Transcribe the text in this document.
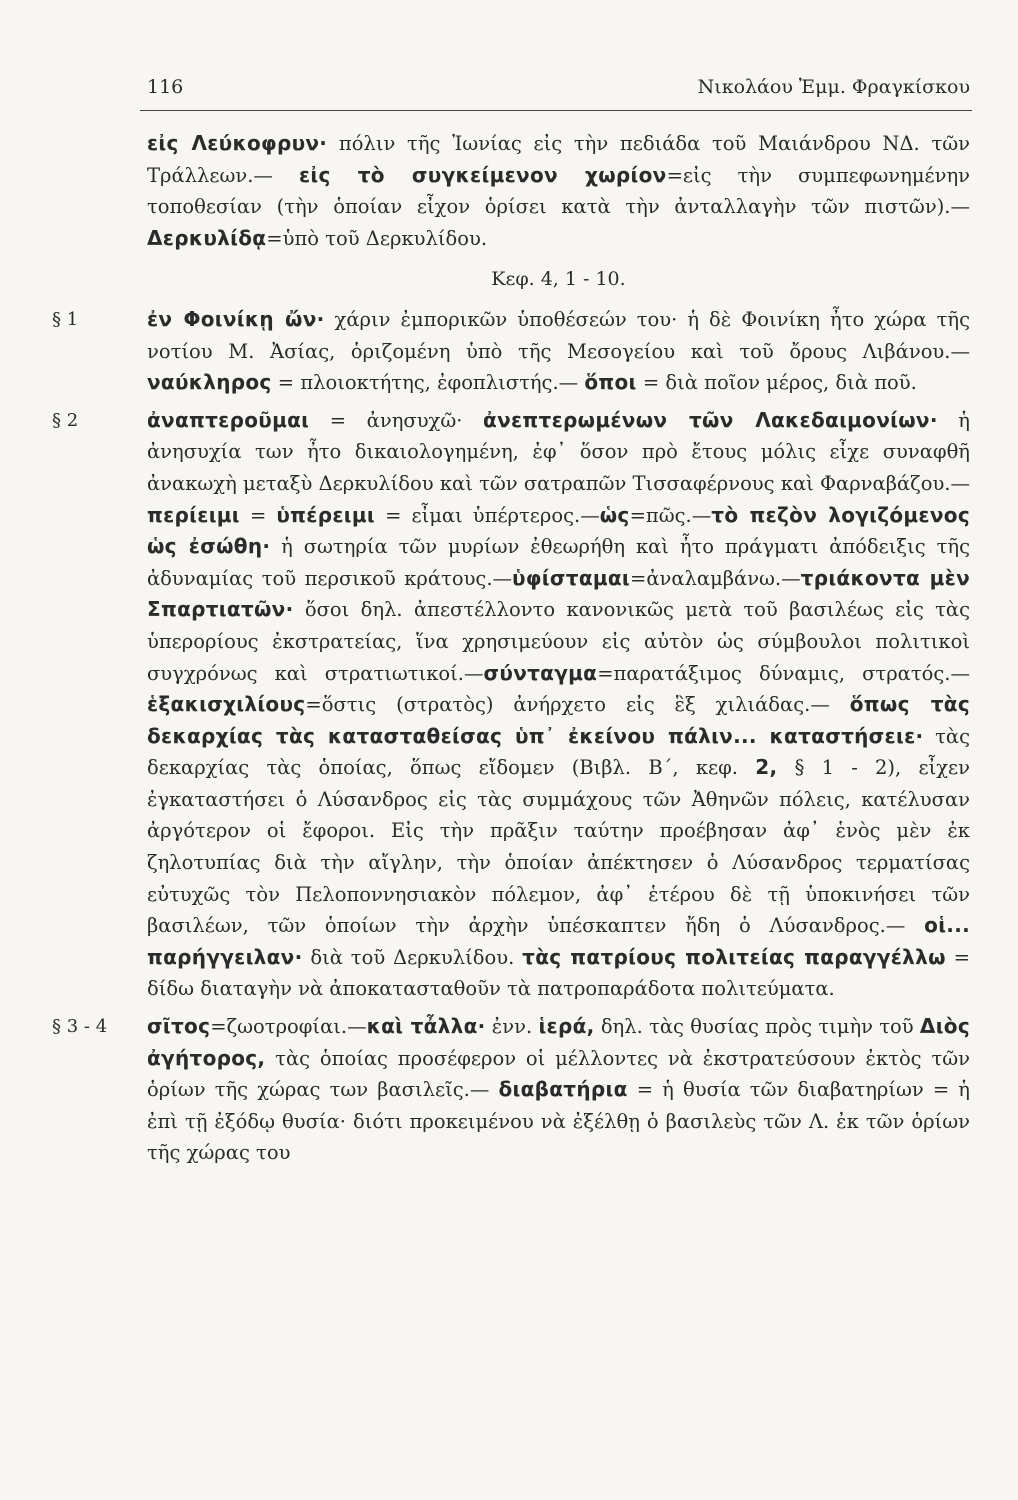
116	Νικολάου Ἐμμ. Φραγκίσκου

εἰς Λεύκοφρυν· πόλιν τῆς Ἰωνίας εἰς τὴν πεδιάδα τοῦ Μαιάνδρου ΝΔ. τῶν Τράλλεων.— εἰς τὸ συγκείμενον χωρίον=εἰς τὴν συμπεφωνημένην τοποθεσίαν (τὴν ὁποίαν εἶχον ὁρίσει κατὰ τὴν ἀνταλλαγὴν τῶν πιστῶν).— Δερκυλίδᾳ=ὑπὸ τοῦ Δερκυλίδου.

Κεφ. 4, 1 - 10.

§ 1	ἐν Φοινίκῃ ὤν· χάριν ἐμπορικῶν ὑποθέσεών του· ἡ δὲ Φοινίκη ἦτο χώρα τῆς νοτίου Μ. Ἀσίας, ὁριζομένη ὑπὸ τῆς Μεσογείου καὶ τοῦ ὄρους Λιβάνου.— ναύκληρος = πλοιοκτήτης, ἐφοπλιστής.— ὅποι = διὰ ποῖον μέρος, διὰ ποῦ.

§ 2	ἀναπτεροῦμαι = ἀνησυχῶ· ἀνεπτερωμένων τῶν Λακεδαιμονίων· ἡ ἀνησυχία των ἦτο δικαιολογημένη, ἐφ᾿ ὅσον πρὸ ἔτους μόλις εἶχε συναφθῆ ἀνακωχὴ μεταξὺ Δερκυλίδου καὶ τῶν σατραπῶν Τισσαφέρνους καὶ Φαρναβάζου.— περίειμι = ὑπέρειμι = εἶμαι ὑπέρτερος.—ὡς=πῶς.—τὸ πεζὸν λογιζόμενος ὡς ἐσώθη· ἡ σωτηρία τῶν μυρίων ἐθεωρήθη καὶ ἦτο πράγματι ἀπόδειξις τῆς ἀδυναμίας τοῦ περσικοῦ κράτους.—ὑφίσταμαι=ἀναλαμβάνω.—τριάκοντα μὲν Σπαρτιατῶν· ὅσοι δηλ. ἀπεστέλλοντο κανονικῶς μετὰ τοῦ βασιλέως εἰς τὰς ὑπερορίους ἐκστρατείας, ἵνα χρησιμεύουν εἰς αὐτὸν ὡς σύμβουλοι πολιτικοὶ συγχρόνως καὶ στρατιωτικοί.—σύνταγμα=παρατάξιμος δύναμις, στρατός.—ἑξακισχιλίους=ὅστις (στρατὸς) ἀνήρχετο εἰς ἓξ χιλιάδας.— ὅπως τὰς δεκαρχίας τὰς κατασταθείσας ὑπ᾿ ἐκείνου πάλιν... καταστήσειε· τὰς δεκαρχίας τὰς ὁποίας, ὅπως εἴδομεν (Βιβλ. Β΄, κεφ. 2, § 1 - 2), εἶχεν ἐγκαταστήσει ὁ Λύσανδρος εἰς τὰς συμμάχους τῶν Ἀθηνῶν πόλεις, κατέλυσαν ἀργότερον οἱ ἔφοροι. Εἰς τὴν πρᾶξιν ταύτην προέβησαν ἀφ᾿ ἑνὸς μὲν ἐκ ζηλοτυπίας διὰ τὴν αἴγλην, τὴν ὁποίαν ἀπέκτησεν ὁ Λύσανδρος τερματίσας εὐτυχῶς τὸν Πελοποννησιακὸν πόλεμον, ἀφ᾿ ἑτέρου δὲ τῇ ὑποκινήσει τῶν βασιλέων, τῶν ὁποίων τὴν ἀρχὴν ὑπέσκαπτεν ἤδη ὁ Λύσανδρος.— οἱ... παρήγγειλαν· διὰ τοῦ Δερκυλίδου. τὰς πατρίους πολιτείας παραγγέλλω = δίδω διαταγὴν νὰ ἀποκατασταθοῦν τὰ πατροπαράδοτα πολιτεύματα.

§ 3 - 4	σῖτος=ζωοτροφίαι.—καὶ τἆλλα· ἐνν. ἱερά, δηλ. τὰς θυσίας πρὸς τιμὴν τοῦ Διὸς ἀγήτορος, τὰς ὁποίας προσέφερον οἱ μέλλοντες νὰ ἐκστρατεύσουν ἐκτὸς τῶν ὁρίων τῆς χώρας των βασιλεῖς.— διαβατήρια = ἡ θυσία τῶν διαβατηρίων = ἡ ἐπὶ τῇ ἐξόδῳ θυσία· διότι προκειμένου νὰ ἐξέλθῃ ὁ βασιλεὺς τῶν Λ. ἐκ τῶν ὁρίων τῆς χώρας του
